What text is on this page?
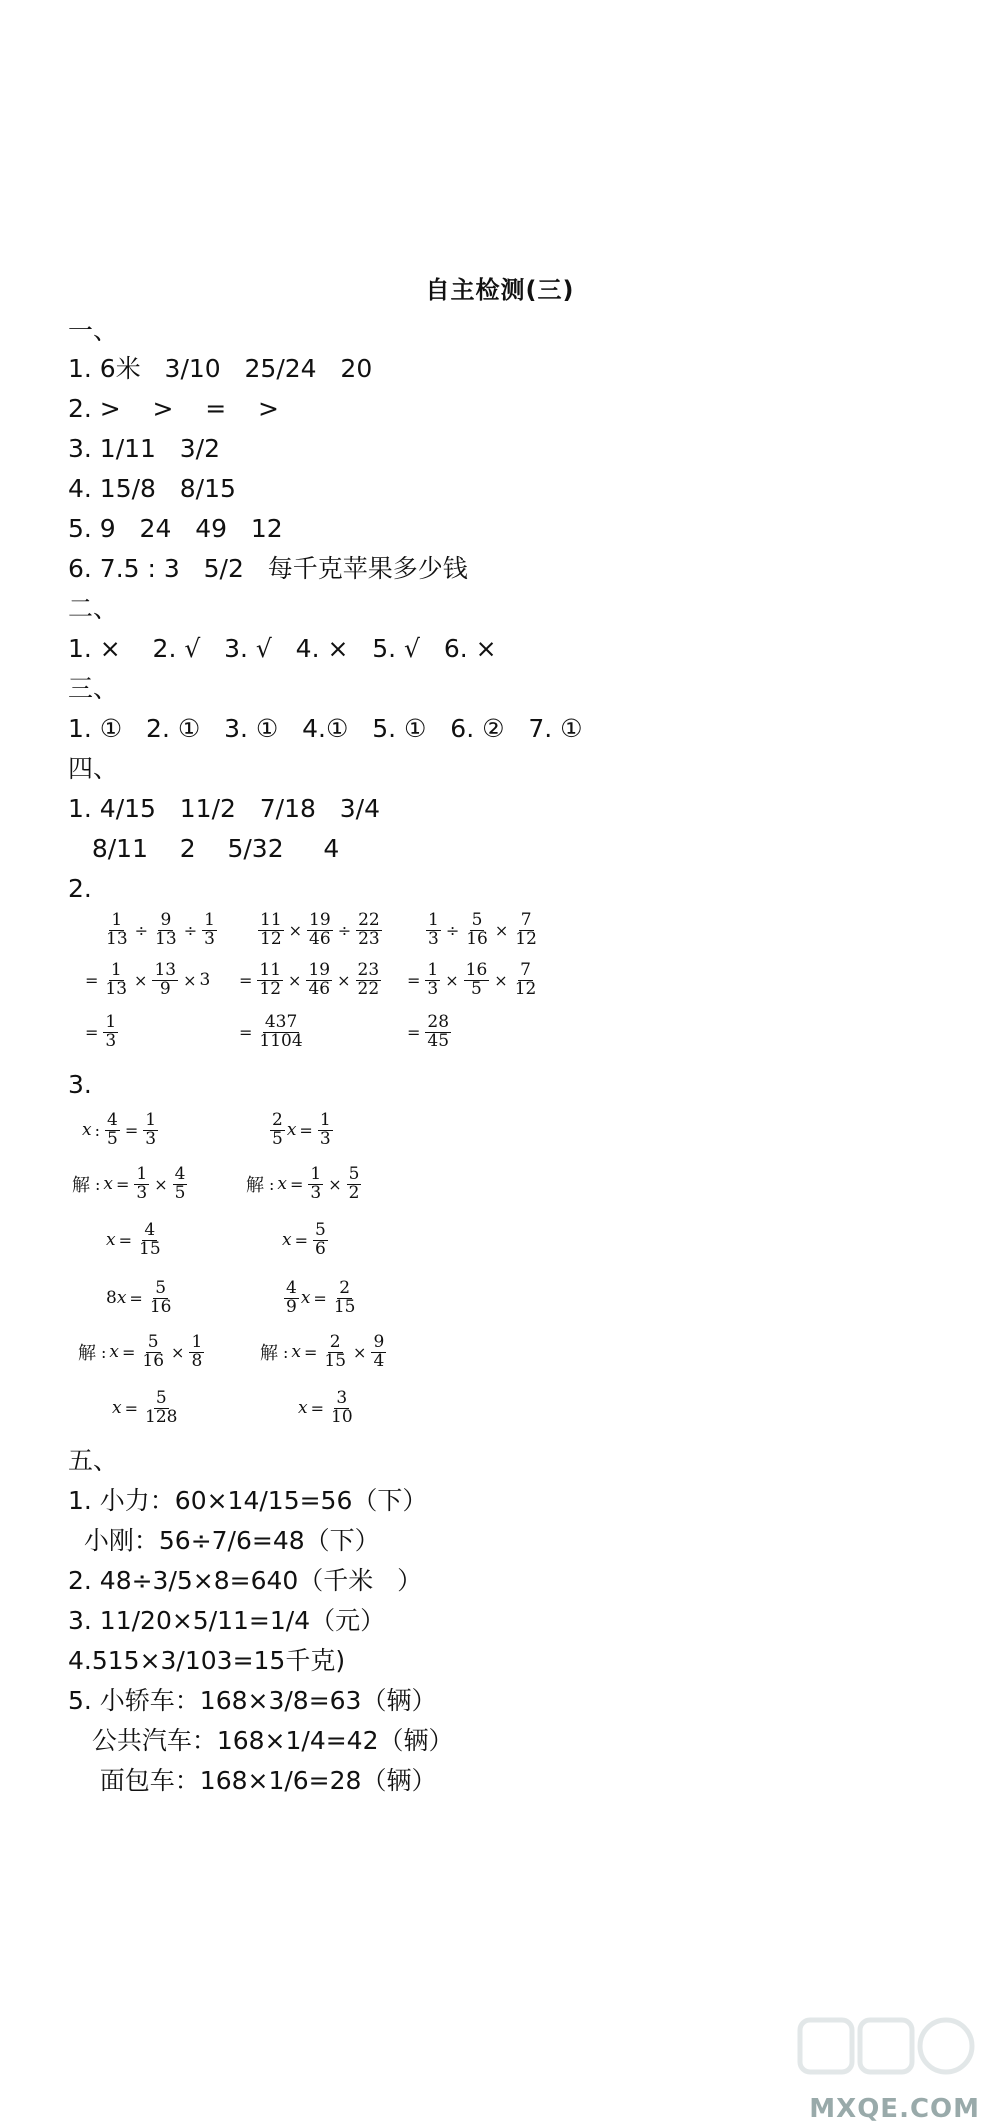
自主检测(三)
一、
1. 6米   3/10   25/24   20
2. >    >    =    >
3. 1/11   3/2
4. 15/8   8/15
5. 9   24   49   12
6. 7.5 : 3   5/2   每千克苹果多少钱
二、
1. ×    2. √   3. √   4. ×   5. √   6. ×
三、
1. ①   2. ①   3. ①   4.①   5. ①   6. ②   7. ①
四、
1. 4/15   11/2   7/18   3/4
8/11    2    5/32     4
2.
$\frac{1}{13} \div \frac{9}{13} \div \frac{1}{3}$
= $\frac{1}{13} \times \frac{13}{9} \times 3$
= $\frac{1}{3}$
$\frac{11}{12} \times \frac{19}{46} \div \frac{22}{23}$
= $\frac{11}{12} \times \frac{19}{46} \times \frac{23}{22}$
= $\frac{437}{1104}$
$\frac{1}{3} \div \frac{5}{16} \times \frac{7}{12}$
= $\frac{1}{3} \times \frac{16}{5} \times \frac{7}{12}$
= $\frac{28}{45}$
3.
x : $\frac{4}{5} = \frac{1}{3}$
解 : $x = \frac{1}{3} \times \frac{4}{5}$
$x = \frac{4}{15}$
$\frac{2}{5}$ $x = \frac{1}{3}$
解 : $x = \frac{1}{3} \times \frac{5}{2}$
$x = \frac{5}{6}$
8 $x = \frac{5}{16}$
解 : $x = \frac{5}{16} \times \frac{1}{8}$
$x = \frac{5}{128}$
$\frac{4}{9}$ $x = \frac{2}{15}$
解 : $x = \frac{2}{15} \times \frac{9}{4}$
$x = \frac{3}{10}$
五、
1. 小力：60×14/15=56（下）
小刚：56÷7/6=48（下）
2. 48÷3/5×8=640（千米   ）
3. 11/20×5/11=1/4（元）
4.515×3/103=15千克)
5. 小轿车：168×3/8=63（辆）
公共汽车：168×1/4=42（辆）
面包车：168×1/6=28（辆）
MXQE.COM
